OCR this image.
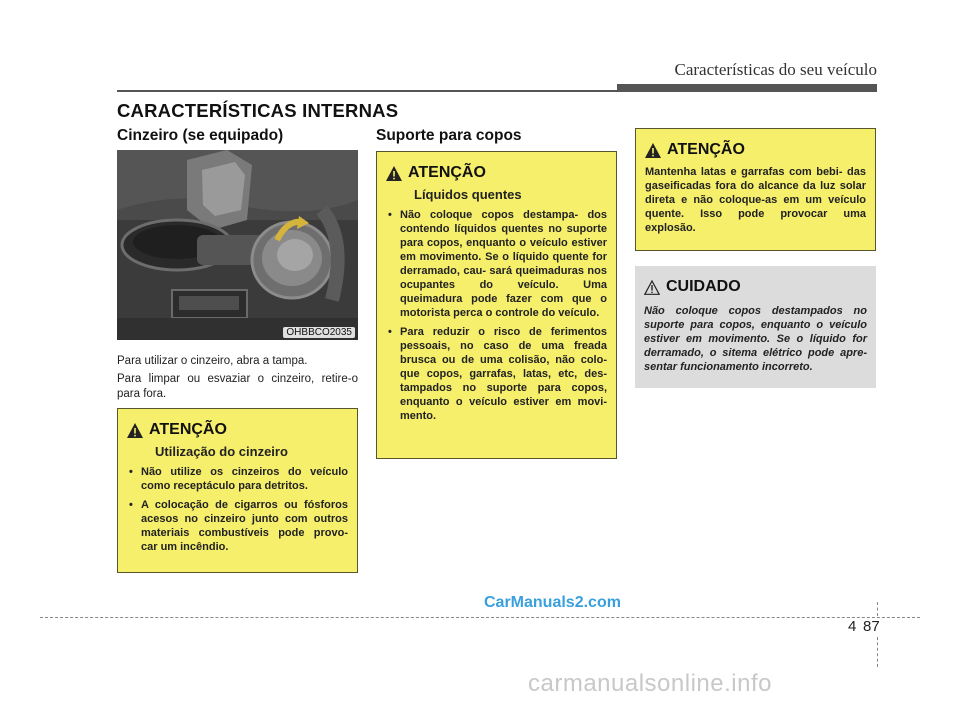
Características do seu veículo
CARACTERÍSTICAS INTERNAS
Cinzeiro (se equipado)
OHBBCO2035
Para utilizar o cinzeiro, abra a tampa.
Para limpar ou esvaziar o cinzeiro, retire-o para fora.
ATENÇÃO
Utilização do cinzeiro
• Não utilize os cinzeiros do veículo como receptáculo para detritos.
• A colocação de cigarros ou fósforos acesos no cinzeiro junto com outros materiais combustíveis pode provo- car um incêndio.
Suporte para copos
ATENÇÃO
Líquidos quentes
• Não coloque copos destampa- dos contendo líquidos quentes no suporte para copos, enquanto o veículo estiver em movimento. Se o líquido quente for derramado, cau- sará queimaduras nos ocupantes do veículo. Uma queimadura pode fazer com que o motorista perca o controle do veículo.
• Para reduzir o risco de ferimentos pessoais, no caso de uma freada brusca ou de uma colisão, não colo- que copos, garrafas, latas, etc, des- tampados no suporte para copos, enquanto o veículo estiver em movi- mento.
ATENÇÃO

Mantenha latas e garrafas com bebi- das gaseificadas fora do alcance da luz solar direta e não coloque-as em um veículo quente. Isso pode provocar uma explosão.

CUIDADO

Não coloque copos destampados no suporte para copos, enquanto o veículo estiver em movimento. Se o líquido for derramado, o sitema elétrico pode apre- sentar funcionamento incorreto.

4 87
CarManuals2.com
carmanualsonline.info
